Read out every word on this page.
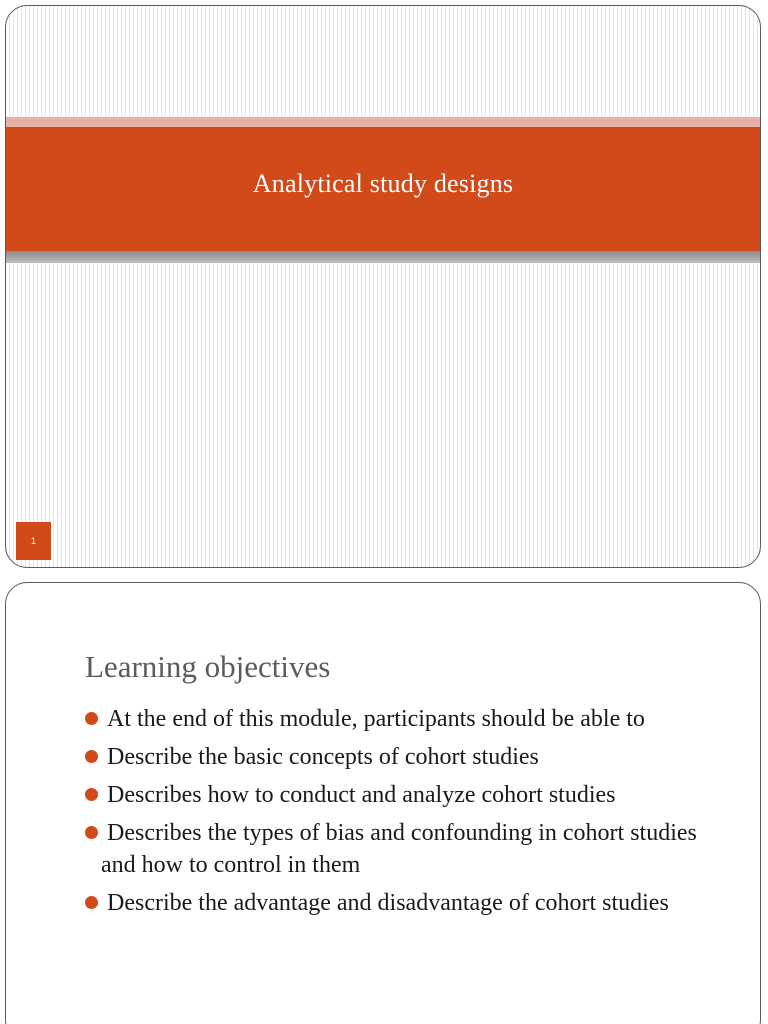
Analytical study designs
1
Learning objectives
At the end of this module, participants should be able to
Describe the basic concepts of cohort studies
Describes how to conduct and analyze cohort studies
Describes the types of bias and confounding in cohort studies and how to control in them
Describe the advantage and disadvantage of cohort studies
